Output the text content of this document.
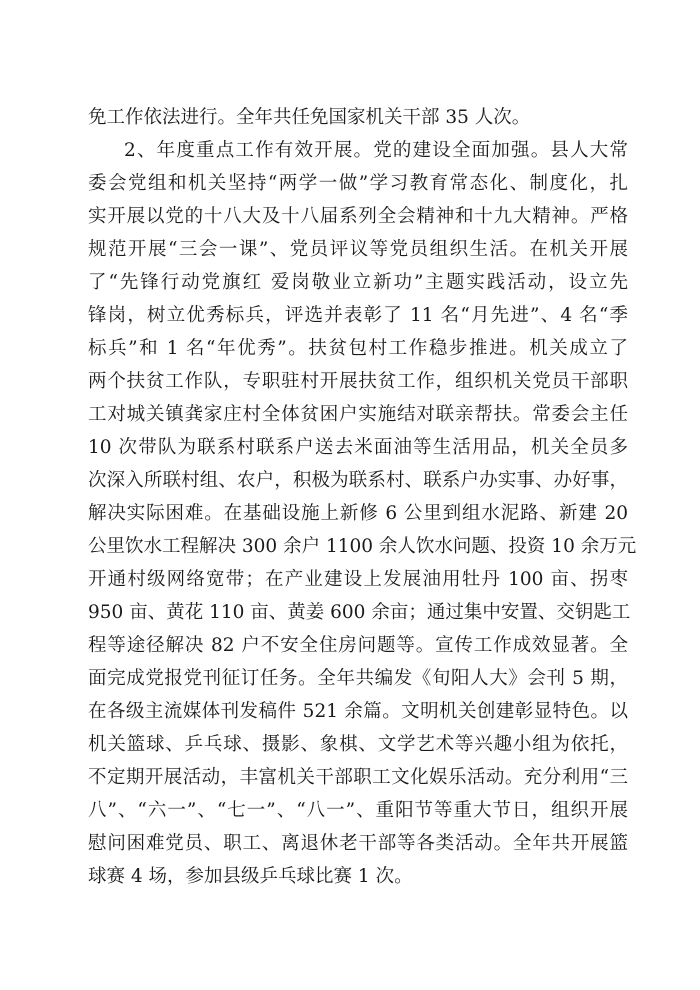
免工作依法进行。全年共任免国家机关干部 35 人次。
2、年度重点工作有效开展。党的建设全面加强。县人大常
委会党组和机关坚持“两学一做”学习教育常态化、制度化，扎
实开展以党的十八大及十八届系列全会精神和十九大精神。严格
规范开展“三会一课”、党员评议等党员组织生活。在机关开展
了“先锋行动党旗红 爱岗敬业立新功”主题实践活动，设立先
锋岗，树立优秀标兵，评选并表彰了 11 名“月先进”、4 名“季
标兵”和 1 名“年优秀”。扶贫包村工作稳步推进。机关成立了
两个扶贫工作队，专职驻村开展扶贫工作，组织机关党员干部职
工对城关镇龚家庄村全体贫困户实施结对联亲帮扶。常委会主任
10 次带队为联系村联系户送去米面油等生活用品，机关全员多
次深入所联村组、农户，积极为联系村、联系户办实事、办好事，
解决实际困难。在基础设施上新修 6 公里到组水泥路、新建 20
公里饮水工程解决 300 余户 1100 余人饮水问题、投资 10 余万元
开通村级网络宽带；在产业建设上发展油用牡丹 100 亩、拐枣
950 亩、黄花 110 亩、黄姜 600 余亩；通过集中安置、交钥匙工
程等途径解决 82 户不安全住房问题等。宣传工作成效显著。全
面完成党报党刊征订任务。全年共编发《旬阳人大》会刊 5 期，
在各级主流媒体刊发稿件 521 余篇。文明机关创建彰显特色。以
机关篮球、乒乓球、摄影、象棋、文学艺术等兴趣小组为依托，
不定期开展活动，丰富机关干部职工文化娱乐活动。充分利用“三
八”、“六一”、“七一”、“八一”、重阳节等重大节日，组织开展
慰问困难党员、职工、离退休老干部等各类活动。全年共开展篮
球赛 4 场，参加县级乒乓球比赛 1 次。
